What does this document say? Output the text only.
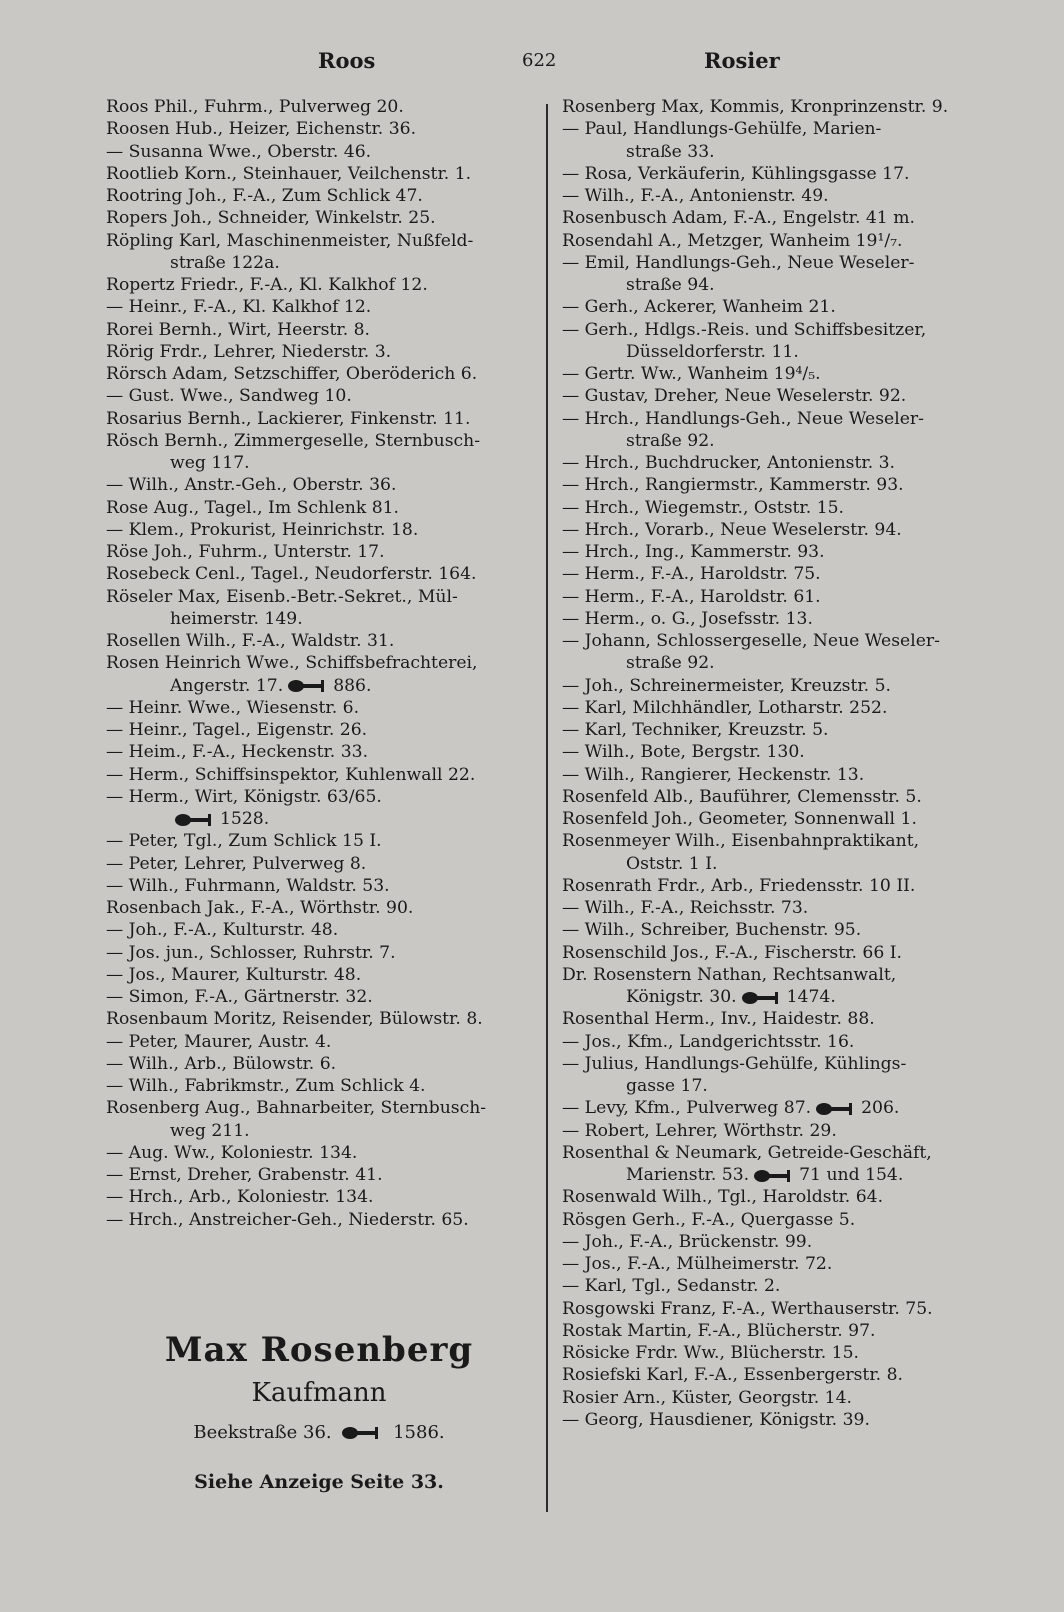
Roos	622	Rosier
Roos Phil., Fuhrm., Pulverweg 20.
Roosen Hub., Heizer, Eichenstr. 36.
— Susanna Wwe., Oberstr. 46.
Rootlieb Korn., Steinhauer, Veilchenstr. 1.
Rootring Joh., F.-A., Zum Schlick 47.
Ropers Joh., Schneider, Winkelstr. 25.
Röpling Karl, Maschinenmeister, Nußfeld-
straße 122a.
Ropertz Friedr., F.-A., Kl. Kalkhof 12.
— Heinr., F.-A., Kl. Kalkhof 12.
Rorei Bernh., Wirt, Heerstr. 8.
Rörig Frdr., Lehrer, Niederstr. 3.
Rörsch Adam, Setzschiffer, Oberöderich 6.
— Gust. Wwe., Sandweg 10.
Rosarius Bernh., Lackierer, Finkenstr. 11.
Rösch Bernh., Zimmergeselle, Sternbusch-
weg 117.
— Wilh., Anstr.-Geh., Oberstr. 36.
Rose Aug., Tagel., Im Schlenk 81.
— Klem., Prokurist, Heinrichstr. 18.
Röse Joh., Fuhrm., Unterstr. 17.
Rosebeck Cenl., Tagel., Neudorferstr. 164.
Röseler Max, Eisenb.-Betr.-Sekret., Mül-
heimerstr. 149.
Rosellen Wilh., F.-A., Waldstr. 31.
Rosen Heinrich Wwe., Schiffsbefrachterei,
Angerstr. 17.	886.
— Heinr. Wwe., Wiesenstr. 6.
— Heinr., Tagel., Eigenstr. 26.
— Heim., F.-A., Heckenstr. 33.
— Herm., Schiffsinspektor, Kuhlenwall 22.
— Herm., Wirt, Königstr. 63/65.
1528.
— Peter, Tgl., Zum Schlick 15 I.
— Peter, Lehrer, Pulverweg 8.
— Wilh., Fuhrmann, Waldstr. 53.
Rosenbach Jak., F.-A., Wörthstr. 90.
— Joh., F.-A., Kulturstr. 48.
— Jos. jun., Schlosser, Ruhrstr. 7.
— Jos., Maurer, Kulturstr. 48.
— Simon, F.-A., Gärtnerstr. 32.
Rosenbaum Moritz, Reisender, Bülowstr. 8.
— Peter, Maurer, Austr. 4.
— Wilh., Arb., Bülowstr. 6.
— Wilh., Fabrikmstr., Zum Schlick 4.
Rosenberg Aug., Bahnarbeiter, Sternbusch-
weg 211.
— Aug. Ww., Koloniestr. 134.
— Ernst, Dreher, Grabenstr. 41.
— Hrch., Arb., Koloniestr. 134.
— Hrch., Anstreicher-Geh., Niederstr. 65.
Rosenberg Max, Kommis, Kronprinzenstr. 9.
— Paul, Handlungs-Gehülfe, Marien-
straße 33.
— Rosa, Verkäuferin, Kühlingsgasse 17.
— Wilh., F.-A., Antonienstr. 49.
Rosenbusch Adam, F.-A., Engelstr. 41 m.
Rosendahl A., Metzger, Wanheim 19¹/₇.
— Emil, Handlungs-Geh., Neue Weseler-
straße 94.
— Gerh., Ackerer, Wanheim 21.
— Gerh., Hdlgs.-Reis. und Schiffsbesitzer,
Düsseldorferstr. 11.
— Gertr. Ww., Wanheim 19⁴/₅.
— Gustav, Dreher, Neue Weselerstr. 92.
— Hrch., Handlungs-Geh., Neue Weseler-
straße 92.
— Hrch., Buchdrucker, Antonienstr. 3.
— Hrch., Rangiermstr., Kammerstr. 93.
— Hrch., Wiegemstr., Oststr. 15.
— Hrch., Vorarb., Neue Weselerstr. 94.
— Hrch., Ing., Kammerstr. 93.
— Herm., F.-A., Haroldstr. 75.
— Herm., F.-A., Haroldstr. 61.
— Herm., o. G., Josefsstr. 13.
— Johann, Schlossergeselle, Neue Weseler-
straße 92.
— Joh., Schreinermeister, Kreuzstr. 5.
— Karl, Milchhändler, Lotharstr. 252.
— Karl, Techniker, Kreuzstr. 5.
— Wilh., Bote, Bergstr. 130.
— Wilh., Rangierer, Heckenstr. 13.
Rosenfeld Alb., Bauführer, Clemensstr. 5.
Rosenfeld Joh., Geometer, Sonnenwall 1.
Rosenmeyer Wilh., Eisenbahnpraktikant,
Oststr. 1 I.
Rosenrath Frdr., Arb., Friedensstr. 10 II.
— Wilh., F.-A., Reichsstr. 73.
— Wilh., Schreiber, Buchenstr. 95.
Rosenschild Jos., F.-A., Fischerstr. 66 I.
Dr. Rosenstern Nathan, Rechtsanwalt,
Königstr. 30.	1474.
Rosenthal Herm., Inv., Haidestr. 88.
— Jos., Kfm., Landgerichtsstr. 16.
— Julius, Handlungs-Gehülfe, Kühlings-
gasse 17.
— Levy, Kfm., Pulverweg 87.	206.
— Robert, Lehrer, Wörthstr. 29.
Rosenthal & Neumark, Getreide-Geschäft,
Marienstr. 53.	71 und 154.
Rosenwald Wilh., Tgl., Haroldstr. 64.
Rösgen Gerh., F.-A., Quergasse 5.
— Joh., F.-A., Brückenstr. 99.
— Jos., F.-A., Mülheimerstr. 72.
— Karl, Tgl., Sedanstr. 2.
Rosgowski Franz, F.-A., Werthauserstr. 75.
Rostak Martin, F.-A., Blücherstr. 97.
Rösicke Frdr. Ww., Blücherstr. 15.
Rosiefski Karl, F.-A., Essenbergerstr. 8.
Rosier Arn., Küster, Georgstr. 14.
— Georg, Hausdiener, Königstr. 39.
Max Rosenberg
Kaufmann
Beekstraße 36.	1586.
Siehe Anzeige Seite 33.
